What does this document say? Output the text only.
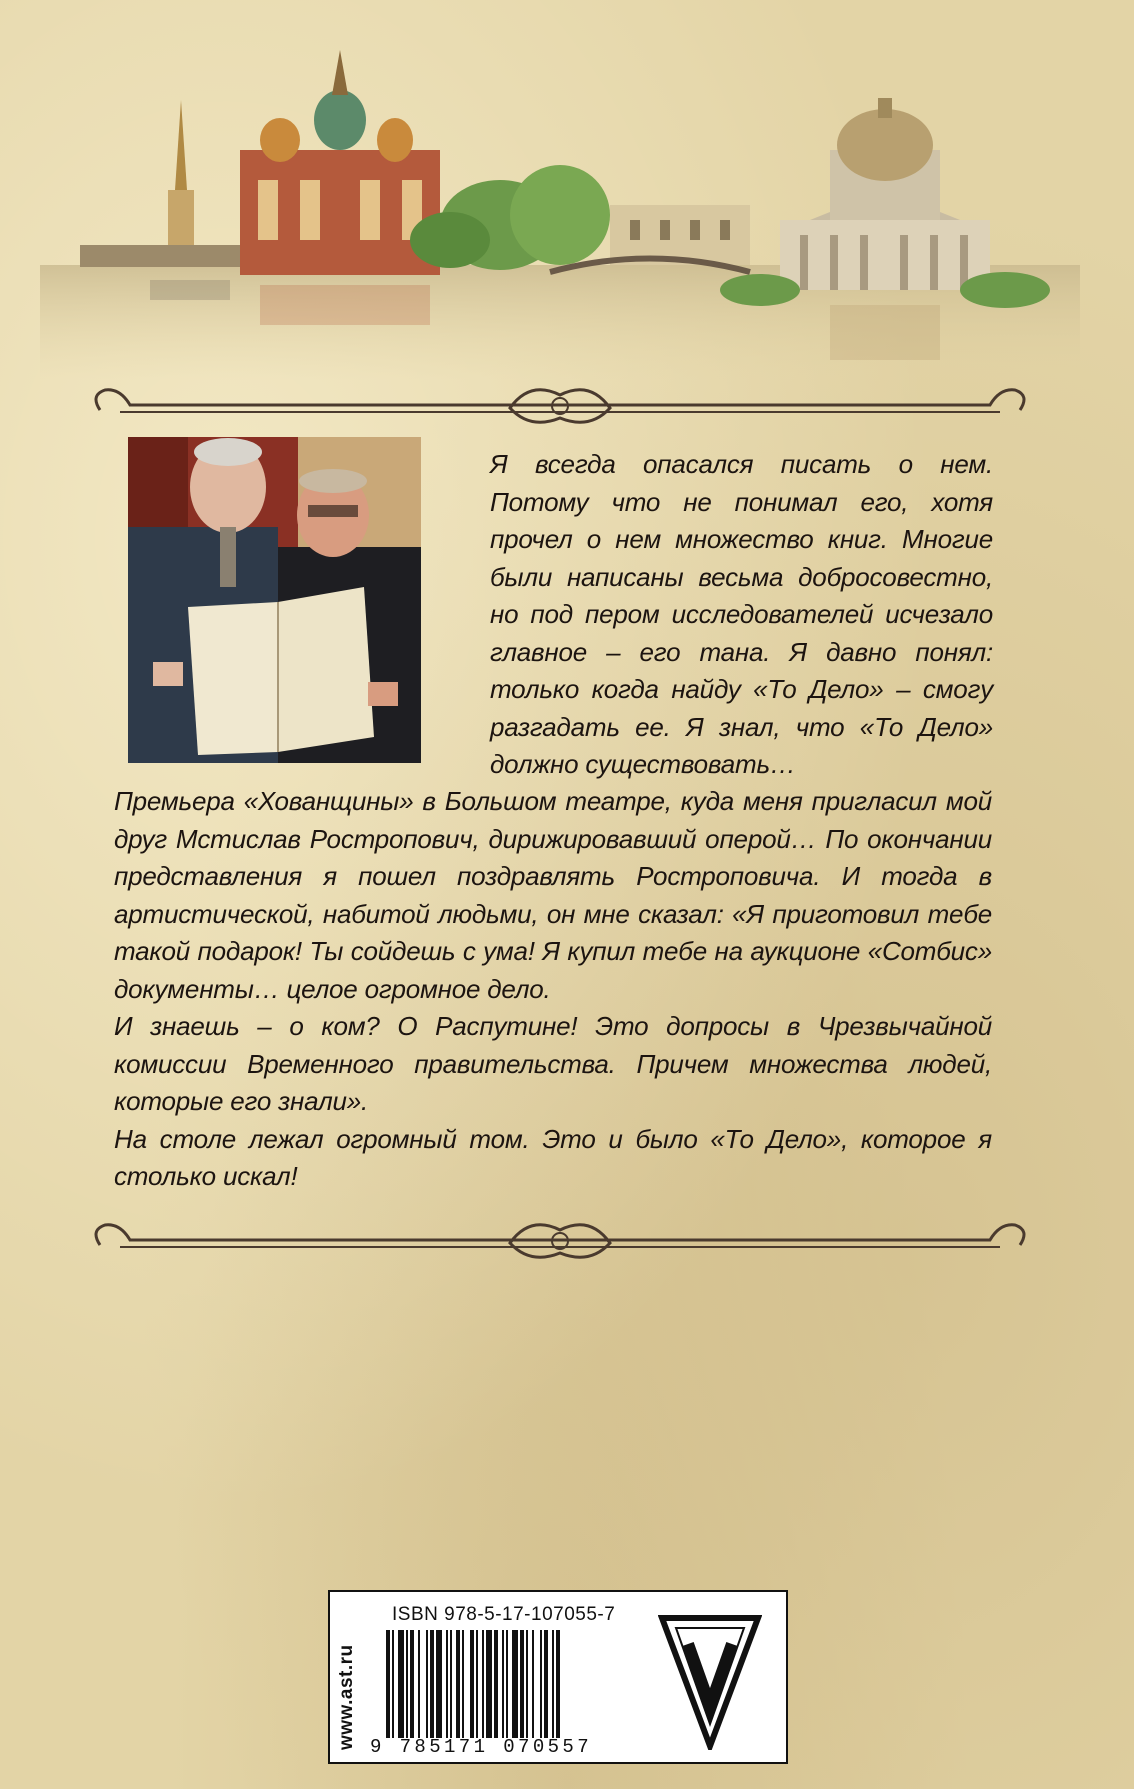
Я всегда опасался писать о нем. Потому что не понимал его, хотя прочел о нем множество книг. Многие были написаны весьма добросовестно, но под пером исследователей исчезало главное – его тана. Я давно понял: только когда найду «То Дело» – смогу разгадать ее. Я знал, что «То Дело» должно существовать…

Премьера «Хованщины» в Большом театре, куда меня пригласил мой друг Мстислав Ростропович, дирижировавший оперой… По окончании представления я пошел поздравлять Ростроповича. И тогда в артистической, набитой людьми, он мне сказал: «Я приготовил тебе такой подарок! Ты сойдешь с ума! Я купил тебе на аукционе «Сотбис» документы… целое огромное дело.

И знаешь – о ком? О Распутине! Это допросы в Чрезвычайной комиссии Временного правительства. Причем множества людей, которые его знали».

На столе лежал огромный том. Это и было «То Дело», которое я столько искал!

www.ast.ru
ISBN 978-5-17-107055-7
9 785171 070557
